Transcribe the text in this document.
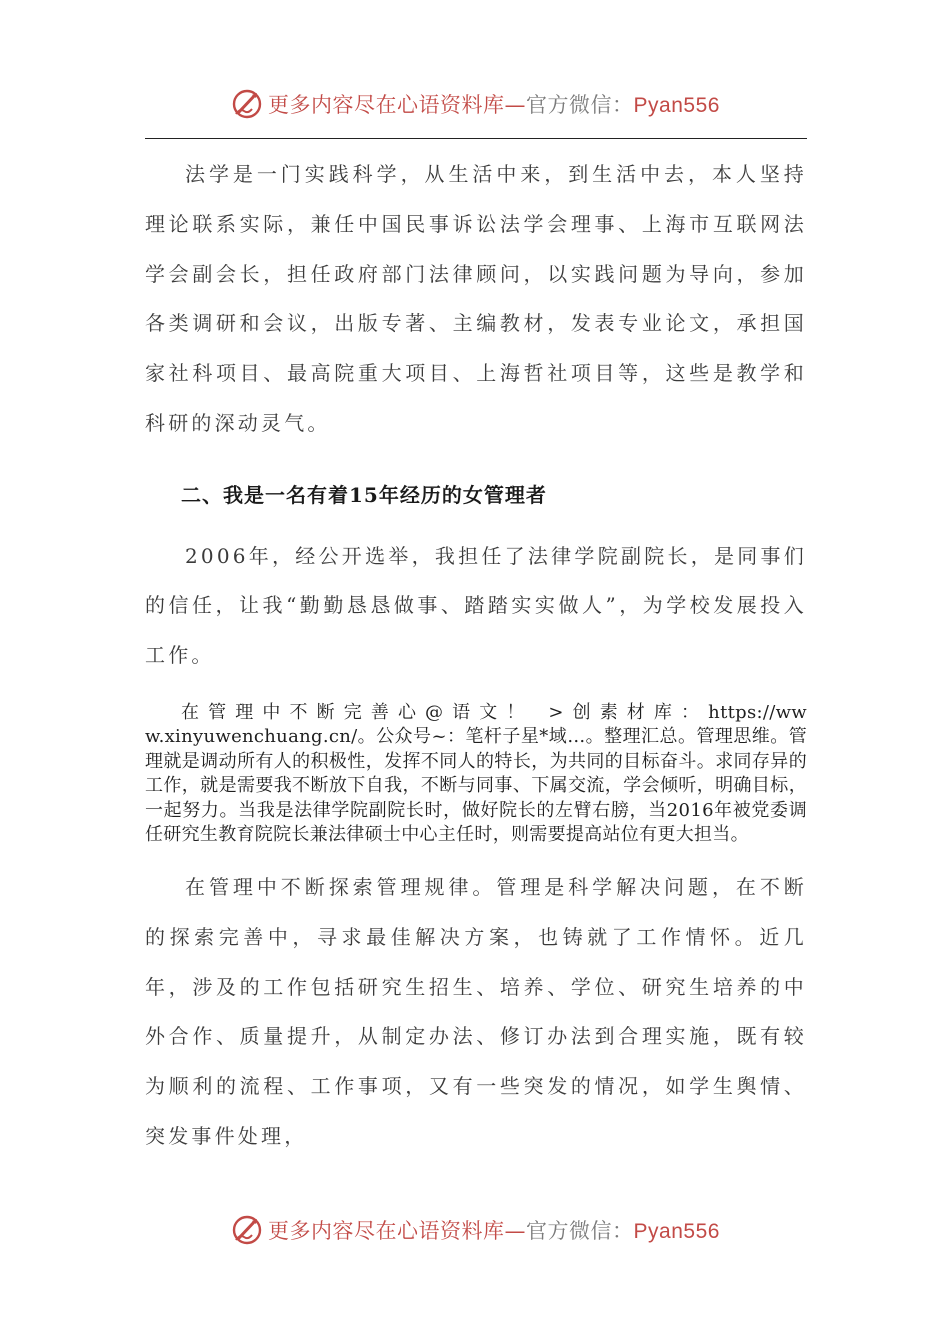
更多内容尽在心语资料库—官方微信：Pyan556

法学是一门实践科学，从生活中来，到生活中去，本人坚持理论联系实际，兼任中国民事诉讼法学会理事、上海市互联网法学会副会长，担任政府部门法律顾问，以实践问题为导向，参加各类调研和会议，出版专著、主编教材，发表专业论文，承担国家社科项目、最高院重大项目、上海哲社项目等，这些是教学和科研的深动灵气。

二、我是一名有着15年经历的女管理者

2006年，经公开选举，我担任了法律学院副院长，是同事们的信任，让我“勤勤恳恳做事、踏踏实实做人”，为学校发展投入工作。

在管理中不断完善心@语文！ >创素材库：https://www.xinyuwenchuang.cn/。公众号~：笔杆子星*域…。整理汇总。管理思维。管理就是调动所有人的积极性，发挥不同人的特长，为共同的目标奋斗。求同存异的工作，就是需要我不断放下自我，不断与同事、下属交流，学会倾听，明确目标，一起努力。当我是法律学院副院长时，做好院长的左臂右膀，当2016年被党委调任研究生教育院院长兼法律硕士中心主任时，则需要提高站位有更大担当。

在管理中不断探索管理规律。管理是科学解决问题，在不断的探索完善中，寻求最佳解决方案，也铸就了工作情怀。近几年，涉及的工作包括研究生招生、培养、学位、研究生培养的中外合作、质量提升，从制定办法、修订办法到合理实施，既有较为顺利的流程、工作事项，又有一些突发的情况，如学生舆情、突发事件处理，

更多内容尽在心语资料库—官方微信：Pyan556
